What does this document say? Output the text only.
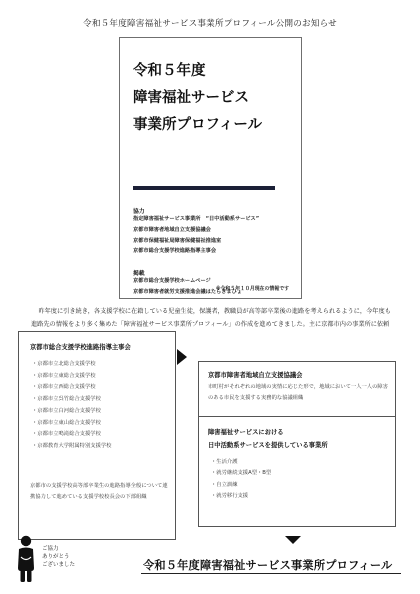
令和５年度障害福祉サービス事業所プロフィール公開のお知らせ
令和５年度
障害福祉サービス
事業所プロフィール
協力
指定障害福祉サービス事業所　“日中活動系サービス”
京都市障害者地域自立支援協議会
京都市保健福祉局障害保健福祉推進室
京都市総合支援学校進路指導主事会
掲載
京都市総合支援学校ホームページ
京都市障害者就労支援推進会議はたらきまひょ
※令和５年１０月現在の情報です

昨年度に引き続き，各支援学校に在籍している児童生徒，保護者，教職員が高等部卒業後の進路を考えられるように，今年度も進路先の情報をより多く集めた「障害福祉サービス事業所プロフィール」の作成を進めてきました。主に京都市内の事業所に依頼

京都市総合支援学校進路指導主事会
・京都市立北総合支援学校
・京都市立東総合支援学校
・京都市立西総合支援学校
・京都市立呉竹総合支援学校
・京都市立白河総合支援学校
・京都市立東山総合支援学校
・京都市立鳴滝総合支援学校
・京都教育大学附属特別支援学校
京都市の支援学校高等部卒業生の進路指導全般について連携協力して進めている支援学校校長会の下部組織
京都市障害者地域自立支援協議会
市町村がそれぞれの地域の実情に応じた形で，地域において一人一人の障害のある市民を支援する実務的な協議組織
障害福祉サービスにおける
日中活動系サービスを提供している事業所
・生活介護
・就労継続支援A型・B型
・自立訓練
・就労移行支援
ご協力
ありがとう
ございました	令和５年度障害福祉サービス事業所プロフィール
